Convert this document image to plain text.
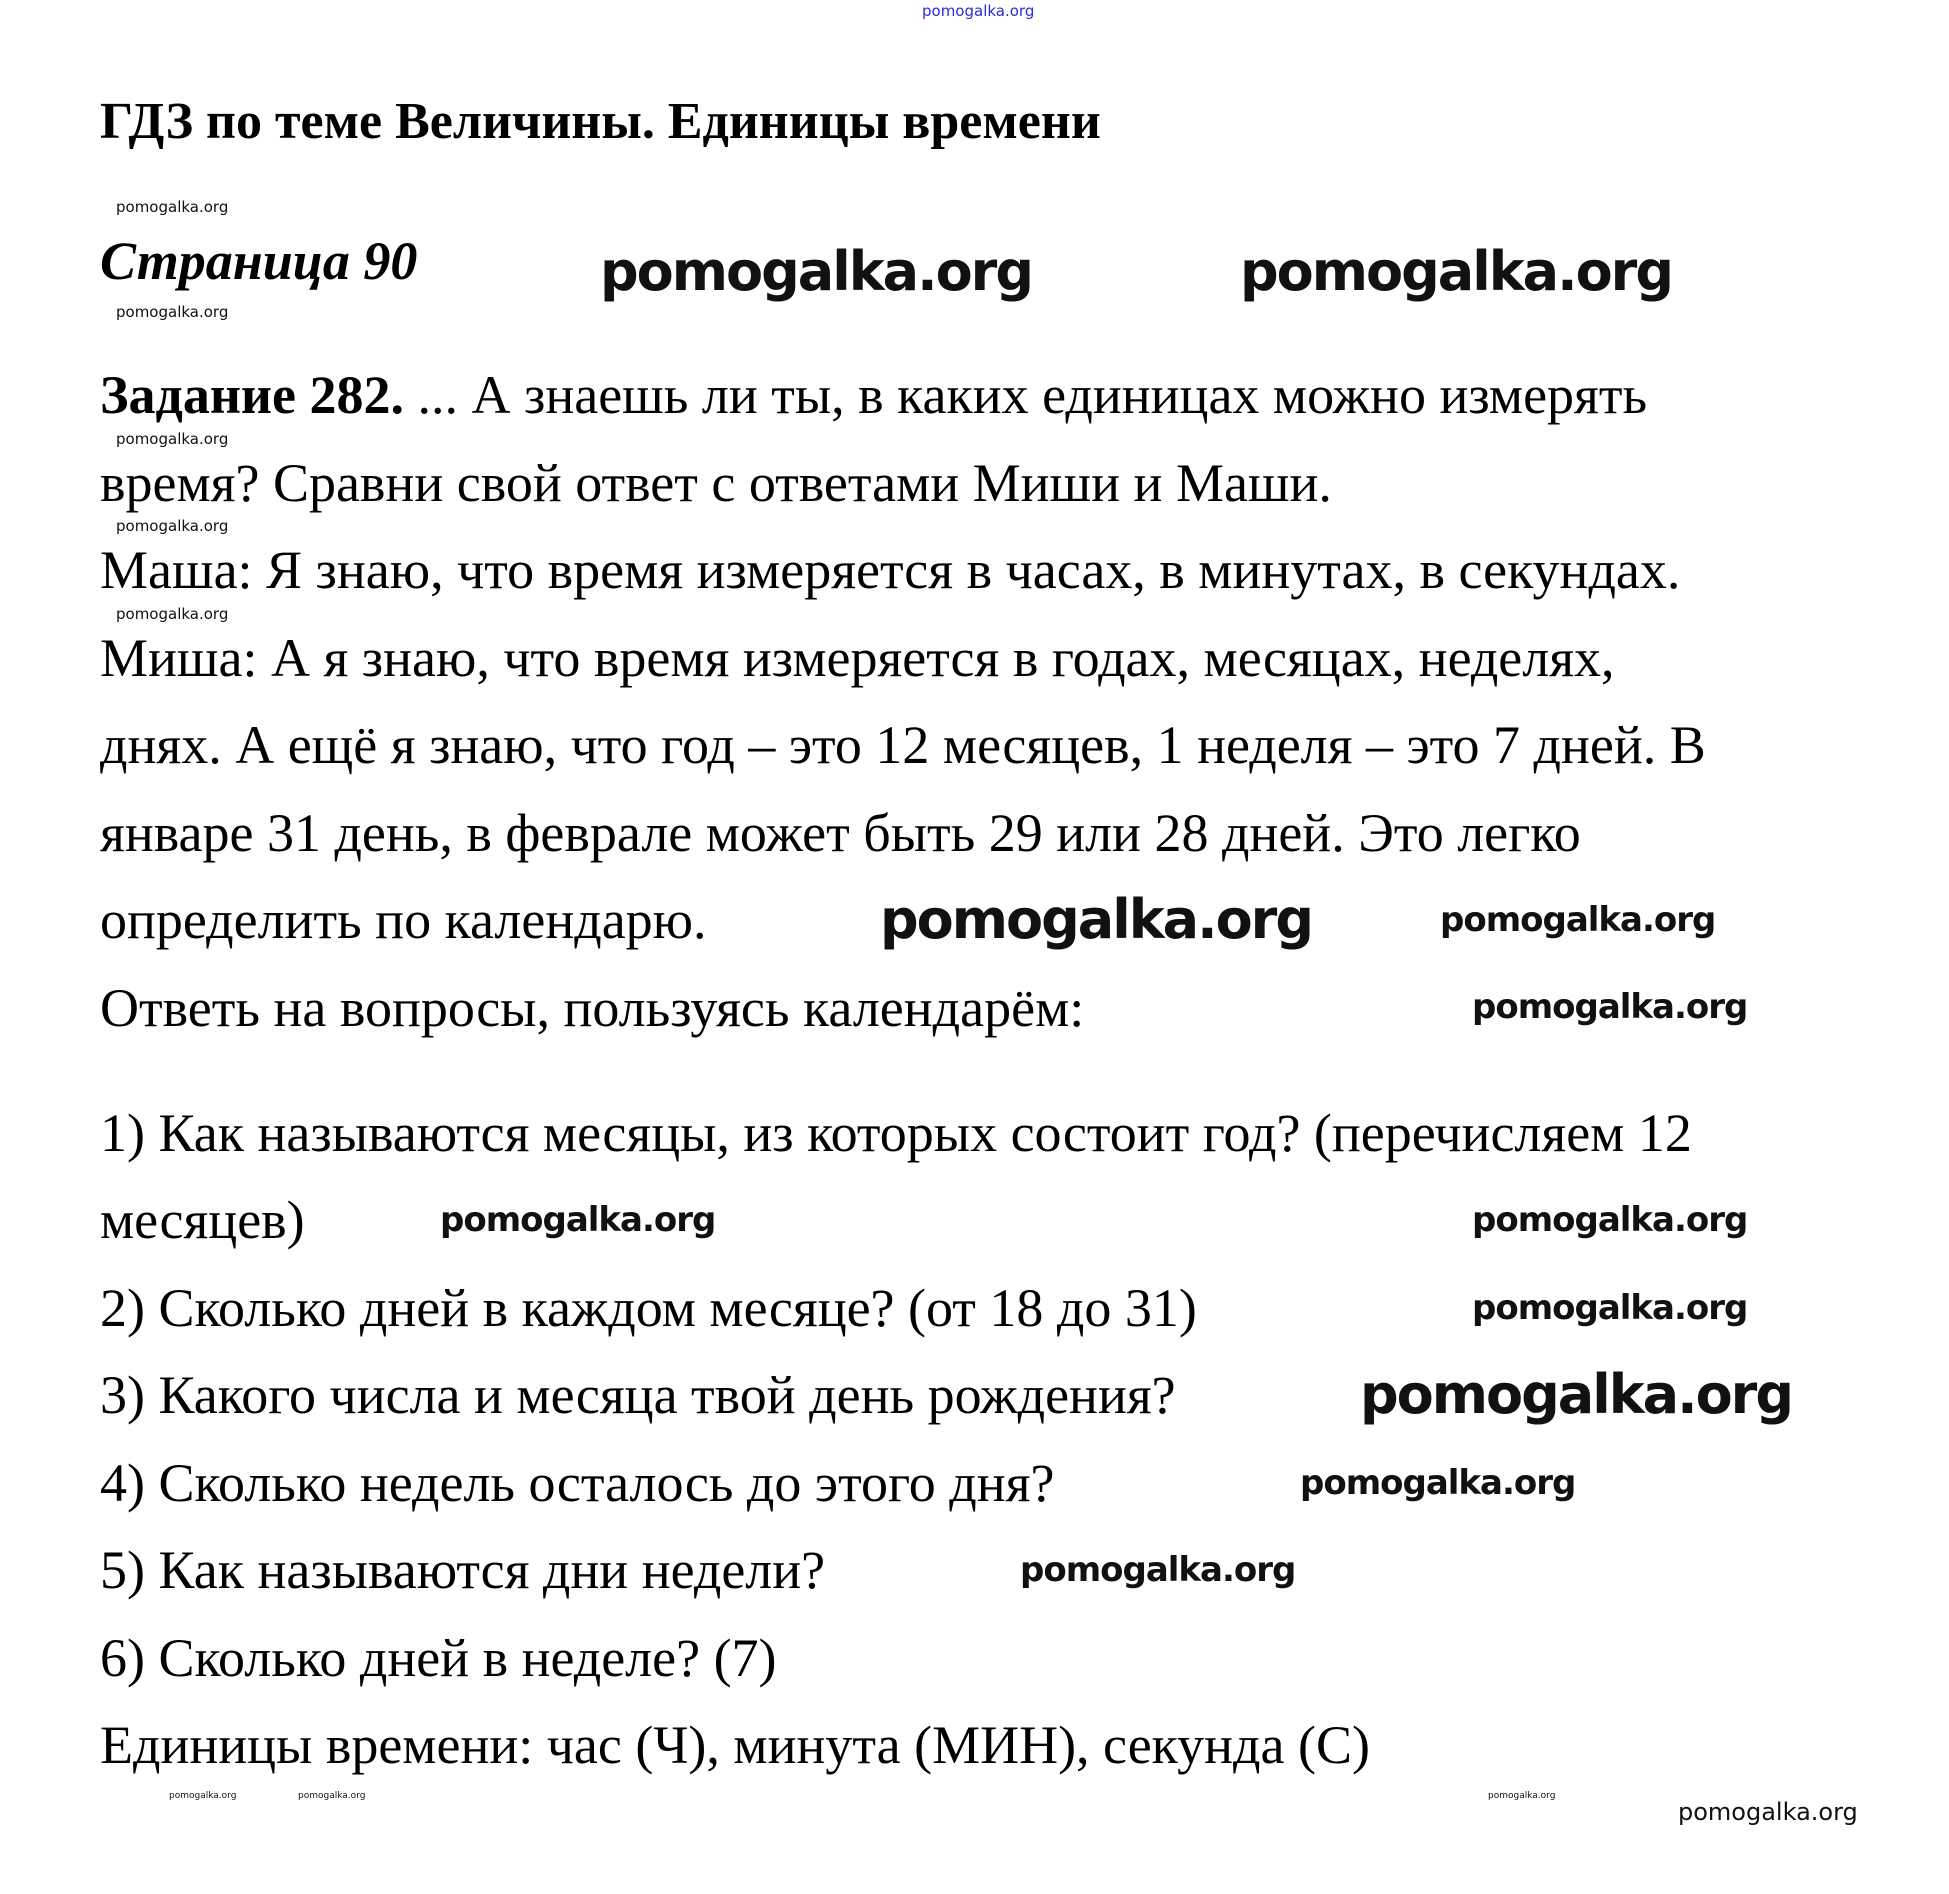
pomogalka.org
ГДЗ по теме Величины. Единицы времени
Страница 90
Задание 282. ... А знаешь ли ты, в каких единицах можно измерять
время? Сравни свой ответ с ответами Миши и Маши.
Маша: Я знаю, что время измеряется в часах, в минутах, в секундах.
Миша: А я знаю, что время измеряется в годах, месяцах, неделях,
днях. А ещё я знаю, что год – это 12 месяцев, 1 неделя – это 7 дней. В
январе 31 день, в феврале может быть 29 или 28 дней. Это легко
определить по календарю.
Ответь на вопросы, пользуясь календарём:
1) Как называются месяцы, из которых состоит год? (перечисляем 12
месяцев)
2) Сколько дней в каждом месяце? (от 18 до 31)
3) Какого числа и месяца твой день рождения?
4) Сколько недель осталось до этого дня?
5) Как называются дни недели?
6) Сколько дней в неделе? (7)
Единицы времени: час (Ч), минута (МИН), секунда (С)
pomogalka.org
pomogalka.org
pomogalka.org
pomogalka.org
pomogalka.org
pomogalka.org	pomogalka.org
pomogalka.org
pomogalka.org
pomogalka.org
pomogalka.org
pomogalka.org
pomogalka.org
pomogalka.org
pomogalka.org
pomogalka.org
pomogalka.org
pomogalka.org
pomogalka.org	pomogalka.org
